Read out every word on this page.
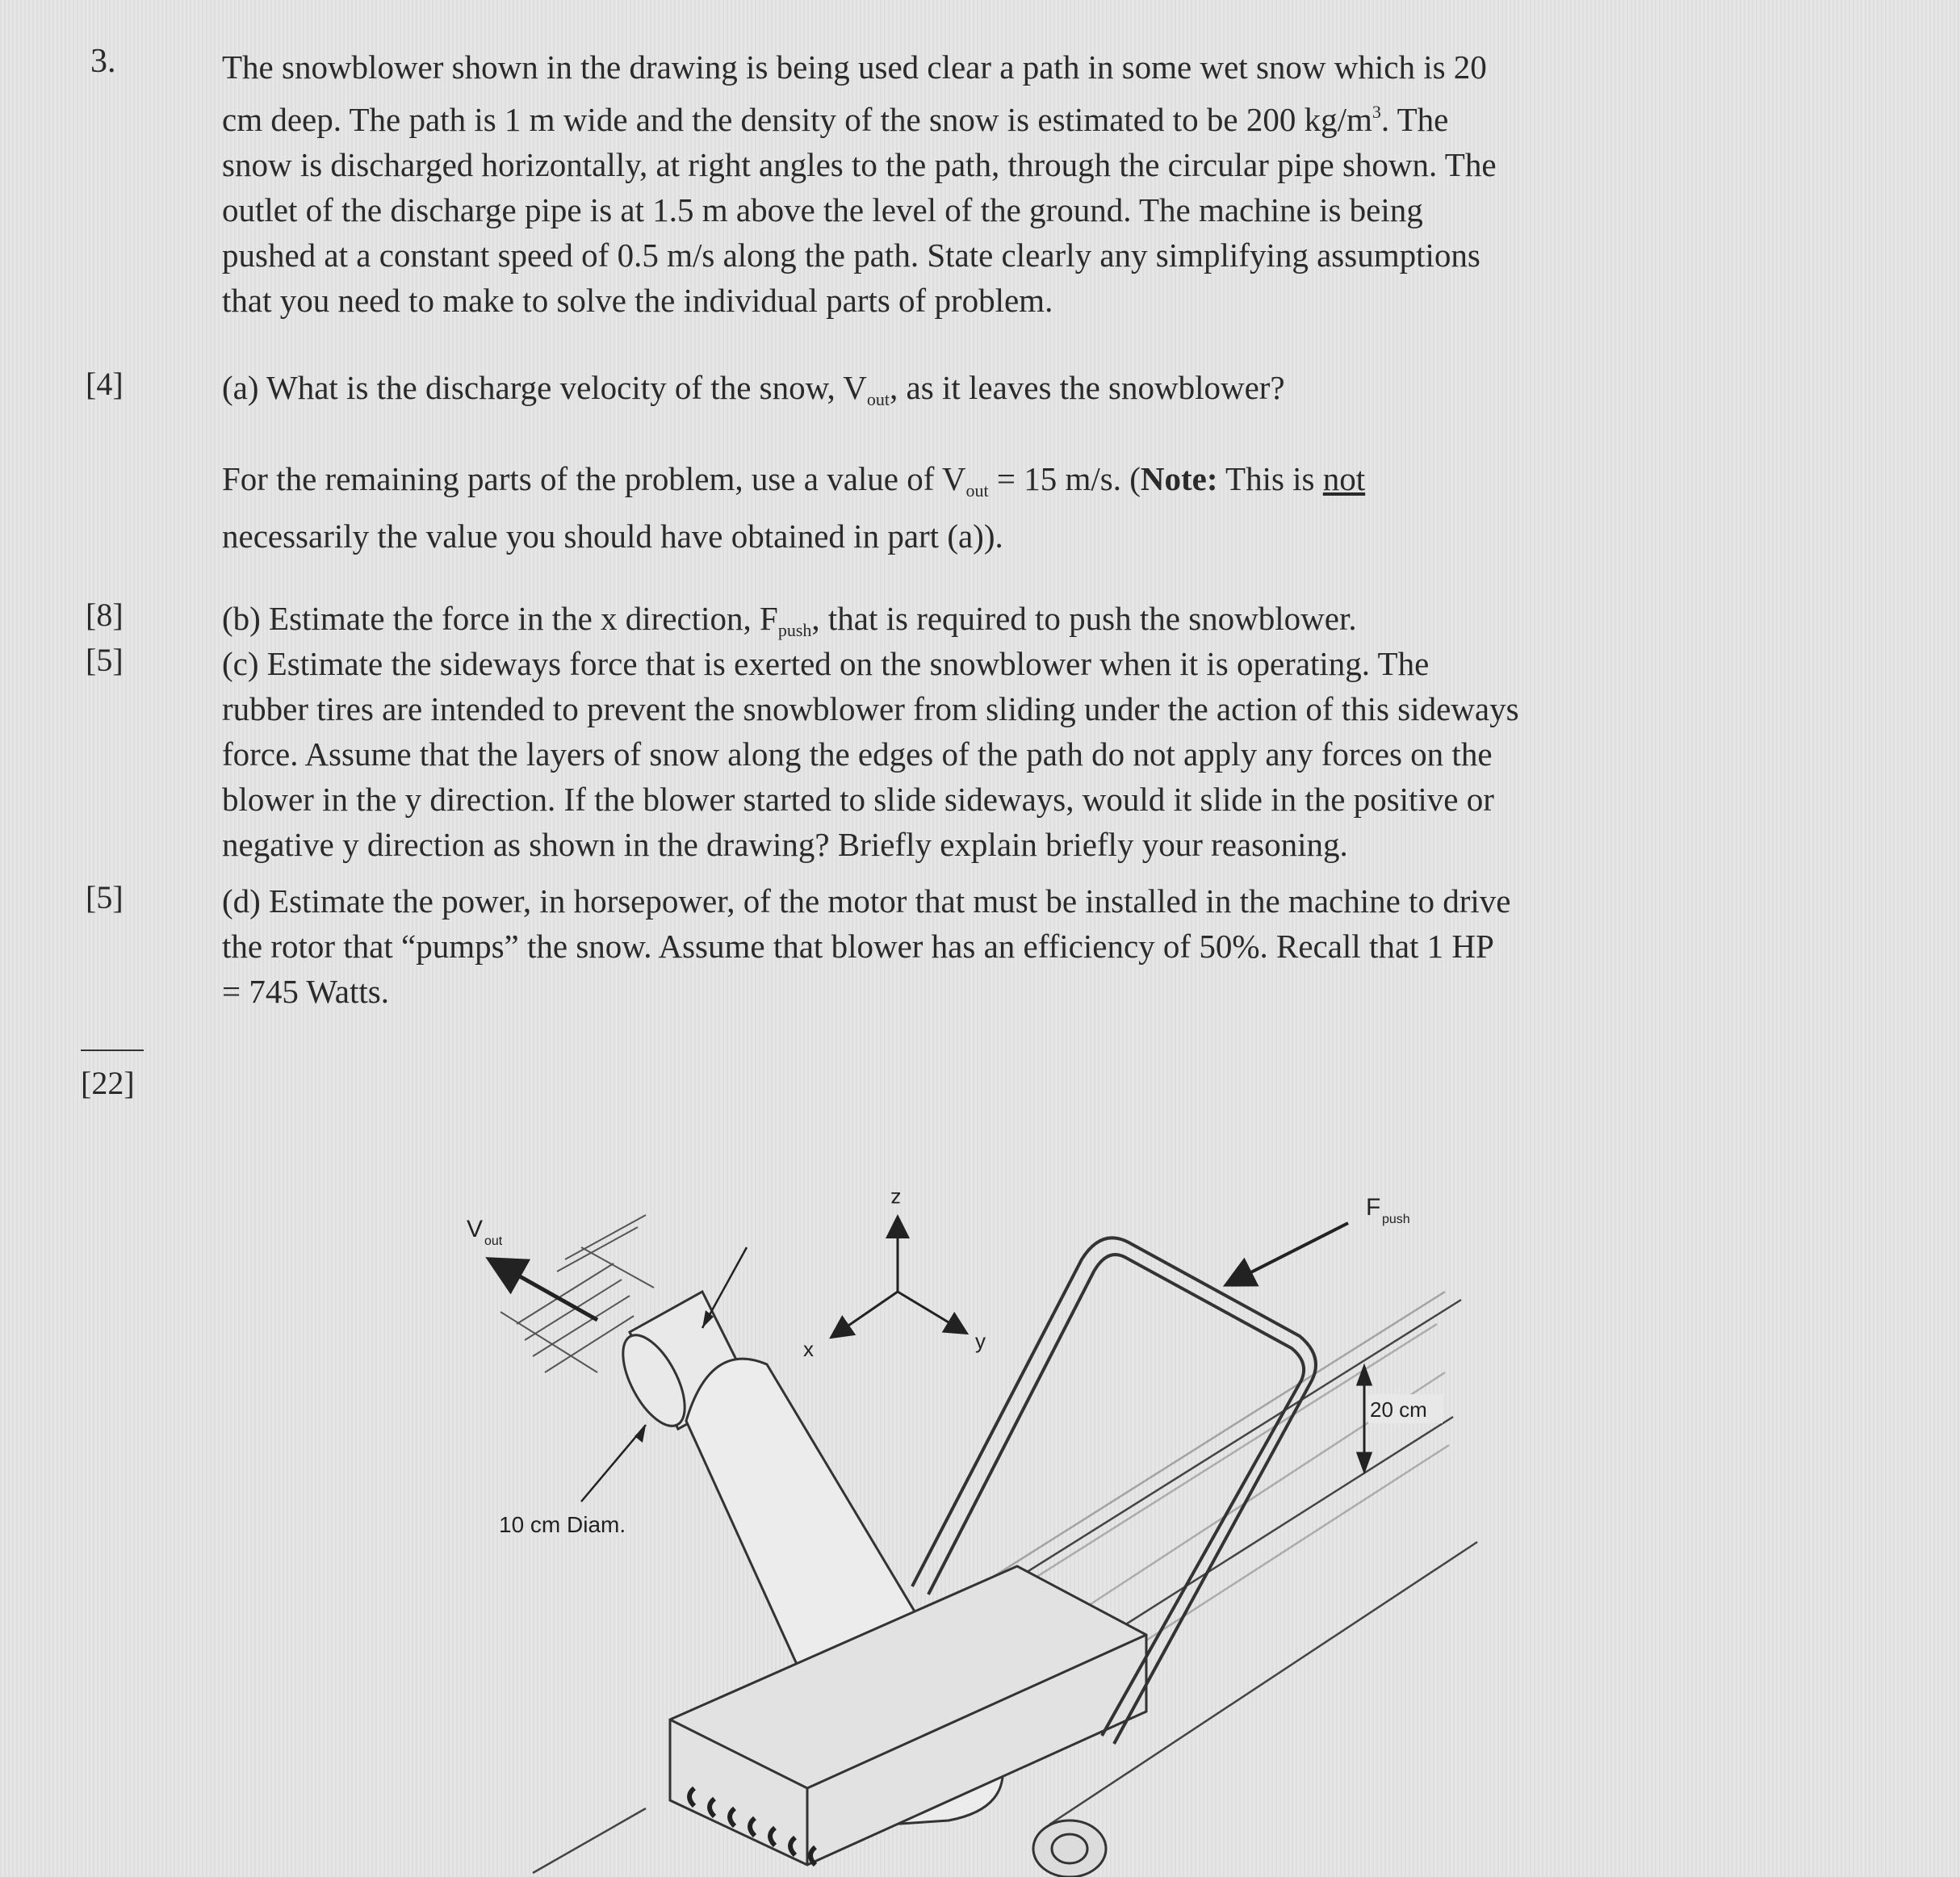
3.	The snowblower shown in the drawing is being used clear a path in some wet snow which is 20
cm deep. The path is 1 m wide and the density of the snow is estimated to be 200 $kg/m^3$. The
snow is discharged horizontally, at right angles to the path, through the circular pipe shown. The
outlet of the discharge pipe is at 1.5 m above the level of the ground. The machine is being
pushed at a constant speed of 0.5 m/s along the path. State clearly any simplifying assumptions
that you need to make to solve the individual parts of problem.
[4]	(a) What is the discharge velocity of the snow, $V_{out}$, as it leaves the snowblower?
For the remaining parts of the problem, use a value of $V_{out} = 15$ m/s. (Note: This is not
necessarily the value you should have obtained in part (a)).
[8]	(b) Estimate the force in the x direction, $F_{push}$, that is required to push the snowblower.
[5]	(c) Estimate the sideways force that is exerted on the snowblower when it is operating. The
rubber tires are intended to prevent the snowblower from sliding under the action of this sideways
force. Assume that the layers of snow along the edges of the path do not apply any forces on the
blower in the y direction. If the blower started to slide sideways, would it slide in the positive or
negative y direction as shown in the drawing? Briefly explain briefly your reasoning.
[5]	(d) Estimate the power, in horsepower, of the motor that must be installed in the machine to drive
the rotor that “pumps” the snow. Assume that blower has an efficiency of 50%. Recall that 1 HP
= 745 Watts.
[22]
V out
F push
z
x	y
20 cm
10 cm Diam.
